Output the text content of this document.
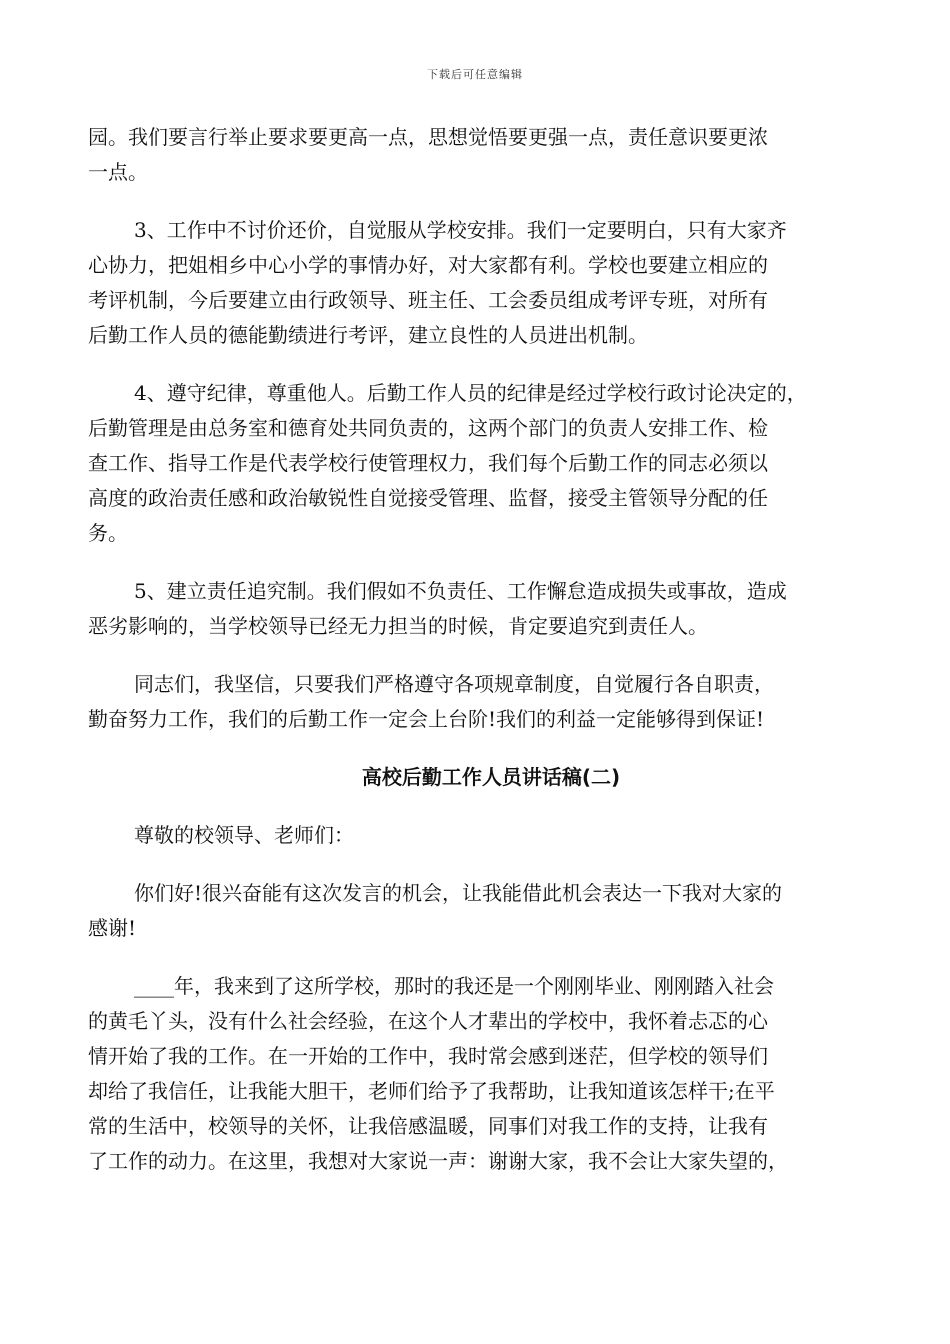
下载后可任意编辑
园。我们要言行举止要求要更高一点，思想觉悟要更强一点，责任意识要更浓
一点。
3、工作中不讨价还价，自觉服从学校安排。我们一定要明白，只有大家齐
心协力，把姐相乡中心小学的事情办好，对大家都有利。学校也要建立相应的
考评机制，今后要建立由行政领导、班主任、工会委员组成考评专班，对所有
后勤工作人员的德能勤绩进行考评，建立良性的人员进出机制。
4、遵守纪律，尊重他人。后勤工作人员的纪律是经过学校行政讨论决定的，
后勤管理是由总务室和德育处共同负责的，这两个部门的负责人安排工作、检
查工作、指导工作是代表学校行使管理权力，我们每个后勤工作的同志必须以
高度的政治责任感和政治敏锐性自觉接受管理、监督，接受主管领导分配的任
务。
5、建立责任追究制。我们假如不负责任、工作懈怠造成损失或事故，造成
恶劣影响的，当学校领导已经无力担当的时候，肯定要追究到责任人。
同志们，我坚信，只要我们严格遵守各项规章制度，自觉履行各自职责，
勤奋努力工作，我们的后勤工作一定会上台阶!我们的利益一定能够得到保证!
高校后勤工作人员讲话稿(二)
尊敬的校领导、老师们：
你们好!很兴奋能有这次发言的机会，让我能借此机会表达一下我对大家的
感谢!
____年，我来到了这所学校，那时的我还是一个刚刚毕业、刚刚踏入社会
的黄毛丫头，没有什么社会经验，在这个人才辈出的学校中，我怀着忐忑的心
情开始了我的工作。在一开始的工作中，我时常会感到迷茫，但学校的领导们
却给了我信任，让我能大胆干，老师们给予了我帮助，让我知道该怎样干;在平
常的生活中，校领导的关怀，让我倍感温暖，同事们对我工作的支持，让我有
了工作的动力。在这里，我想对大家说一声：谢谢大家，我不会让大家失望的，
